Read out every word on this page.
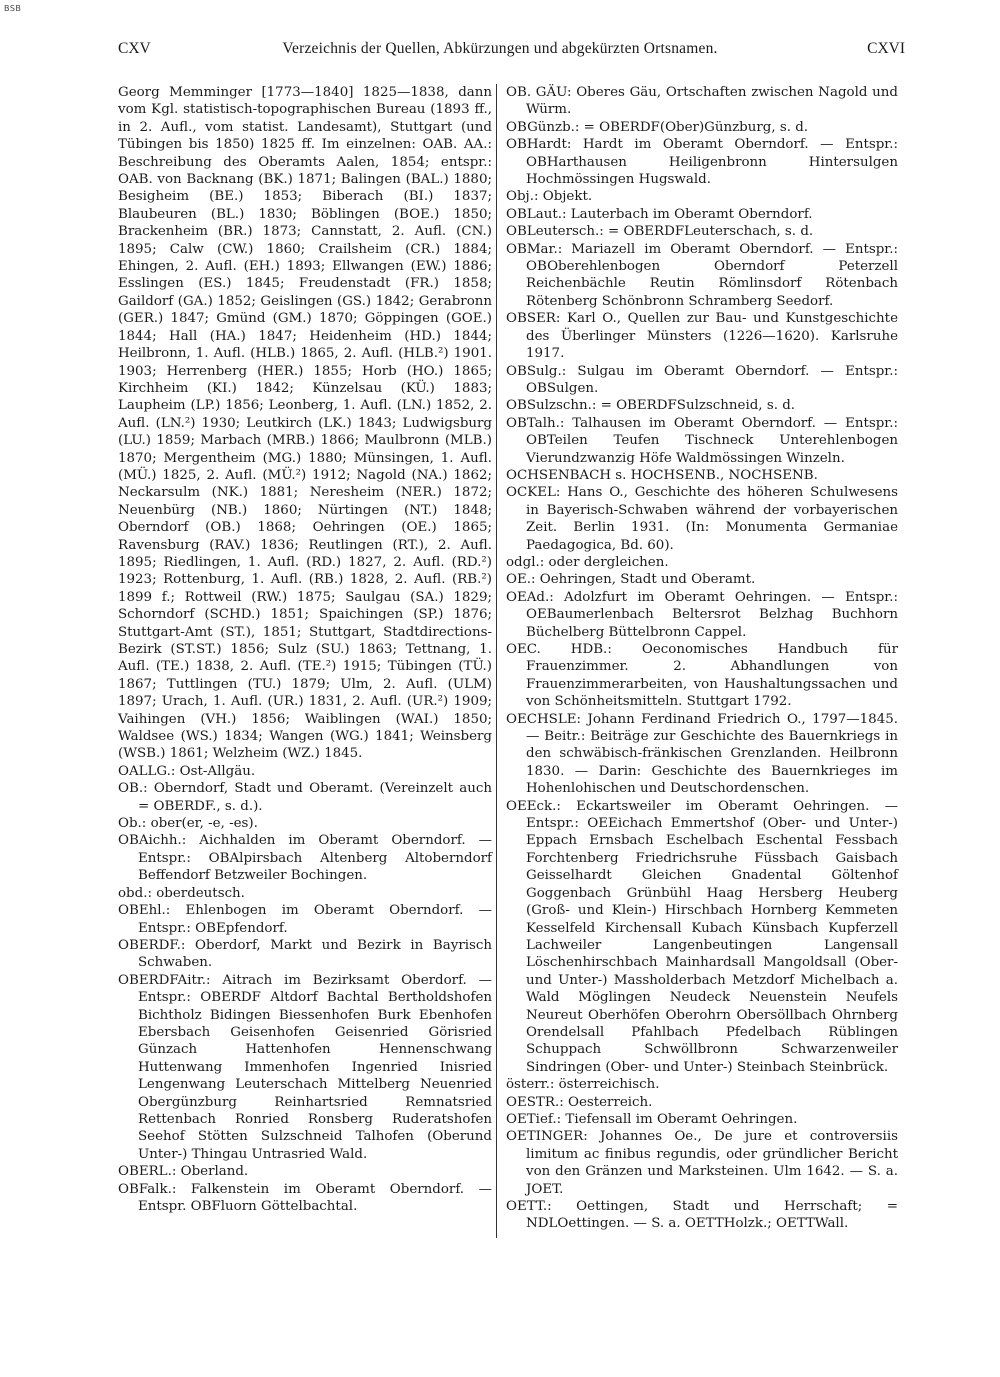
BSB
CXV	Verzeichnis der Quellen, Abkürzungen und abgekürzten Ortsnamen.	CXVI

Georg Memminger [1773—1840] 1825—1838, dann vom Kgl. statistisch-topographischen Bureau (1893 ff., in 2. Aufl., vom statist. Landesamt), Stuttgart (und Tübingen bis 1850) 1825 ff. Im einzelnen: OAB. AA.: Beschreibung des Oberamts Aalen, 1854; entspr.: OAB. von Backnang (BK.) 1871; Balingen (BAL.) 1880; Besigheim (BE.) 1853; Biberach (BI.) 1837; Blaubeuren (BL.) 1830; Böblingen (BOE.) 1850; Brackenheim (BR.) 1873; Cannstatt, 2. Aufl. (CN.) 1895; Calw (CW.) 1860; Crailsheim (CR.) 1884; Ehingen, 2. Aufl. (EH.) 1893; Ellwangen (EW.) 1886; Esslingen (ES.) 1845; Freudenstadt (FR.) 1858; Gaildorf (GA.) 1852; Geislingen (GS.) 1842; Gerabronn (GER.) 1847; Gmünd (GM.) 1870; Göppingen (GOE.) 1844; Hall (HA.) 1847; Heidenheim (HD.) 1844; Heilbronn, 1. Aufl. (HLB.) 1865, 2. Aufl. (HLB.²) 1901. 1903; Herrenberg (HER.) 1855; Horb (HO.) 1865; Kirchheim (KI.) 1842; Künzelsau (KÜ.) 1883; Laupheim (LP.) 1856; Leonberg, 1. Aufl. (LN.) 1852, 2. Aufl. (LN.²) 1930; Leutkirch (LK.) 1843; Ludwigsburg (LU.) 1859; Marbach (MRB.) 1866; Maulbronn (MLB.) 1870; Mergentheim (MG.) 1880; Münsingen, 1. Aufl. (MÜ.) 1825, 2. Aufl. (MÜ.²) 1912; Nagold (NA.) 1862; Neckarsulm (NK.) 1881; Neresheim (NER.) 1872; Neuenbürg (NB.) 1860; Nürtingen (NT.) 1848; Oberndorf (OB.) 1868; Oehringen (OE.) 1865; Ravensburg (RAV.) 1836; Reutlingen (RT.), 2. Aufl. 1895; Riedlingen, 1. Aufl. (RD.) 1827, 2. Aufl. (RD.²) 1923; Rottenburg, 1. Aufl. (RB.) 1828, 2. Aufl. (RB.²) 1899 f.; Rottweil (RW.) 1875; Saulgau (SA.) 1829; Schorndorf (SCHD.) 1851; Spaichingen (SP.) 1876; Stuttgart-Amt (ST.), 1851; Stuttgart, Stadtdirections-Bezirk (ST.ST.) 1856; Sulz (SU.) 1863; Tettnang, 1. Aufl. (TE.) 1838, 2. Aufl. (TE.²) 1915; Tübingen (TÜ.) 1867; Tuttlingen (TU.) 1879; Ulm, 2. Aufl. (ULM) 1897; Urach, 1. Aufl. (UR.) 1831, 2. Aufl. (UR.²) 1909; Vaihingen (VH.) 1856; Waiblingen (WAI.) 1850; Waldsee (WS.) 1834; Wangen (WG.) 1841; Weinsberg (WSB.) 1861; Welzheim (WZ.) 1845.

OALLG.: Ost-Allgäu.

OB.: Oberndorf, Stadt und Oberamt. (Vereinzelt auch = OBERDF., s. d.).

Ob.: ober(er, -e, -es).

OBAichh.: Aichhalden im Oberamt Oberndorf. — Entspr.: OBAlpirsbach Altenberg Altoberndorf Beffendorf Betzweiler Bochingen.

obd.: oberdeutsch.

OBEhl.: Ehlenbogen im Oberamt Oberndorf. — Entspr.: OBEpfendorf.

OBERDF.: Oberdorf, Markt und Bezirk in Bayrisch Schwaben.

OBERDFAitr.: Aitrach im Bezirksamt Oberdorf. — Entspr.: OBERDF Altdorf Bachtal Bertholdshofen Bichtholz Bidingen Biessenhofen Burk Ebenhofen Ebersbach Geisenhofen Geisenried Görisried Günzach Hattenhofen Hennenschwang Huttenwang Immenhofen Ingenried Inisried Lengenwang Leuterschach Mittelberg Neuenried Obergünzburg Reinhartsried Remnatsried Rettenbach Ronried Ronsberg Ruderatshofen Seehof Stötten Sulzschneid Talhofen (Oberund Unter-) Thingau Untrasried Wald.

OBERL.: Oberland.

OBFalk.: Falkenstein im Oberamt Oberndorf. — Entspr. OBFluorn Göttelbachtal.

OB. GÄU: Oberes Gäu, Ortschaften zwischen Nagold und Würm.

OBGünzb.: = OBERDF(Ober)Günzburg, s. d.

OBHardt: Hardt im Oberamt Oberndorf. — Entspr.: OBHarthausen Heiligenbronn Hintersulgen Hochmössingen Hugswald.

Obj.: Objekt.

OBLaut.: Lauterbach im Oberamt Oberndorf.

OBLeutersch.: = OBERDFLeuterschach, s. d.

OBMar.: Mariazell im Oberamt Oberndorf. — Entspr.: OBOberehlenbogen Oberndorf Peterzell Reichenbächle Reutin Römlinsdorf Rötenbach Rötenberg Schönbronn Schramberg Seedorf.

OBSER: Karl O., Quellen zur Bau- und Kunstgeschichte des Überlinger Münsters (1226—1620). Karlsruhe 1917.

OBSulg.: Sulgau im Oberamt Oberndorf. — Entspr.: OBSulgen.

OBSulzschn.: = OBERDFSulzschneid, s. d.

OBTalh.: Talhausen im Oberamt Oberndorf. — Entspr.: OBTeilen Teufen Tischneck Unterehlenbogen Vierundzwanzig Höfe Waldmössingen Winzeln.

OCHSENBACH s. HOCHSENB., NOCHSENB.

OCKEL: Hans O., Geschichte des höheren Schulwesens in Bayerisch-Schwaben während der vorbayerischen Zeit. Berlin 1931. (In: Monumenta Germaniae Paedagogica, Bd. 60).

odgl.: oder dergleichen.

OE.: Oehringen, Stadt und Oberamt.

OEAd.: Adolzfurt im Oberamt Oehringen. — Entspr.: OEBaumerlenbach Beltersrot Belzhag Buchhorn Büchelberg Büttelbronn Cappel.

OEC. HDB.: Oeconomisches Handbuch für Frauenzimmer. 2. Abhandlungen von Frauenzimmerarbeiten, von Haushaltungssachen und von Schönheitsmitteln. Stuttgart 1792.

OECHSLE: Johann Ferdinand Friedrich O., 1797—1845. — Beitr.: Beiträge zur Geschichte des Bauernkriegs in den schwäbisch-fränkischen Grenzlanden. Heilbronn 1830. — Darin: Geschichte des Bauernkrieges im Hohenlohischen und Deutschordenschen.

OEEck.: Eckartsweiler im Oberamt Oehringen. — Entspr.: OEEichach Emmertshof (Ober- und Unter-) Eppach Ernsbach Eschelbach Eschental Fessbach Forchtenberg Friedrichsruhe Füssbach Gaisbach Geisselhardt Gleichen Gnadental Göltenhof Goggenbach Grünbühl Haag Hersberg Heuberg (Groß- und Klein-) Hirschbach Hornberg Kemmeten Kesselfeld Kirchensall Kubach Künsbach Kupferzell Lachweiler Langenbeutingen Langensall Löschenhirschbach Mainhardsall Mangoldsall (Ober- und Unter-) Massholderbach Metzdorf Michelbach a. Wald Möglingen Neudeck Neuenstein Neufels Neureut Oberhöfen Oberohrn Obersöllbach Ohrnberg Orendelsall Pfahlbach Pfedelbach Rüblingen Schuppach Schwöllbronn Schwarzenweiler Sindringen (Ober- und Unter-) Steinbach Steinbrück.

österr.: österreichisch.

OESTR.: Oesterreich.

OETief.: Tiefensall im Oberamt Oehringen.

OETINGER: Johannes Oe., De jure et controversiis limitum ac finibus regundis, oder gründlicher Bericht von den Gränzen und Marksteinen. Ulm 1642. — S. a. JOET.

OETT.: Oettingen, Stadt und Herrschaft; = NDLOettingen. — S. a. OETTHolzk.; OETTWall.
